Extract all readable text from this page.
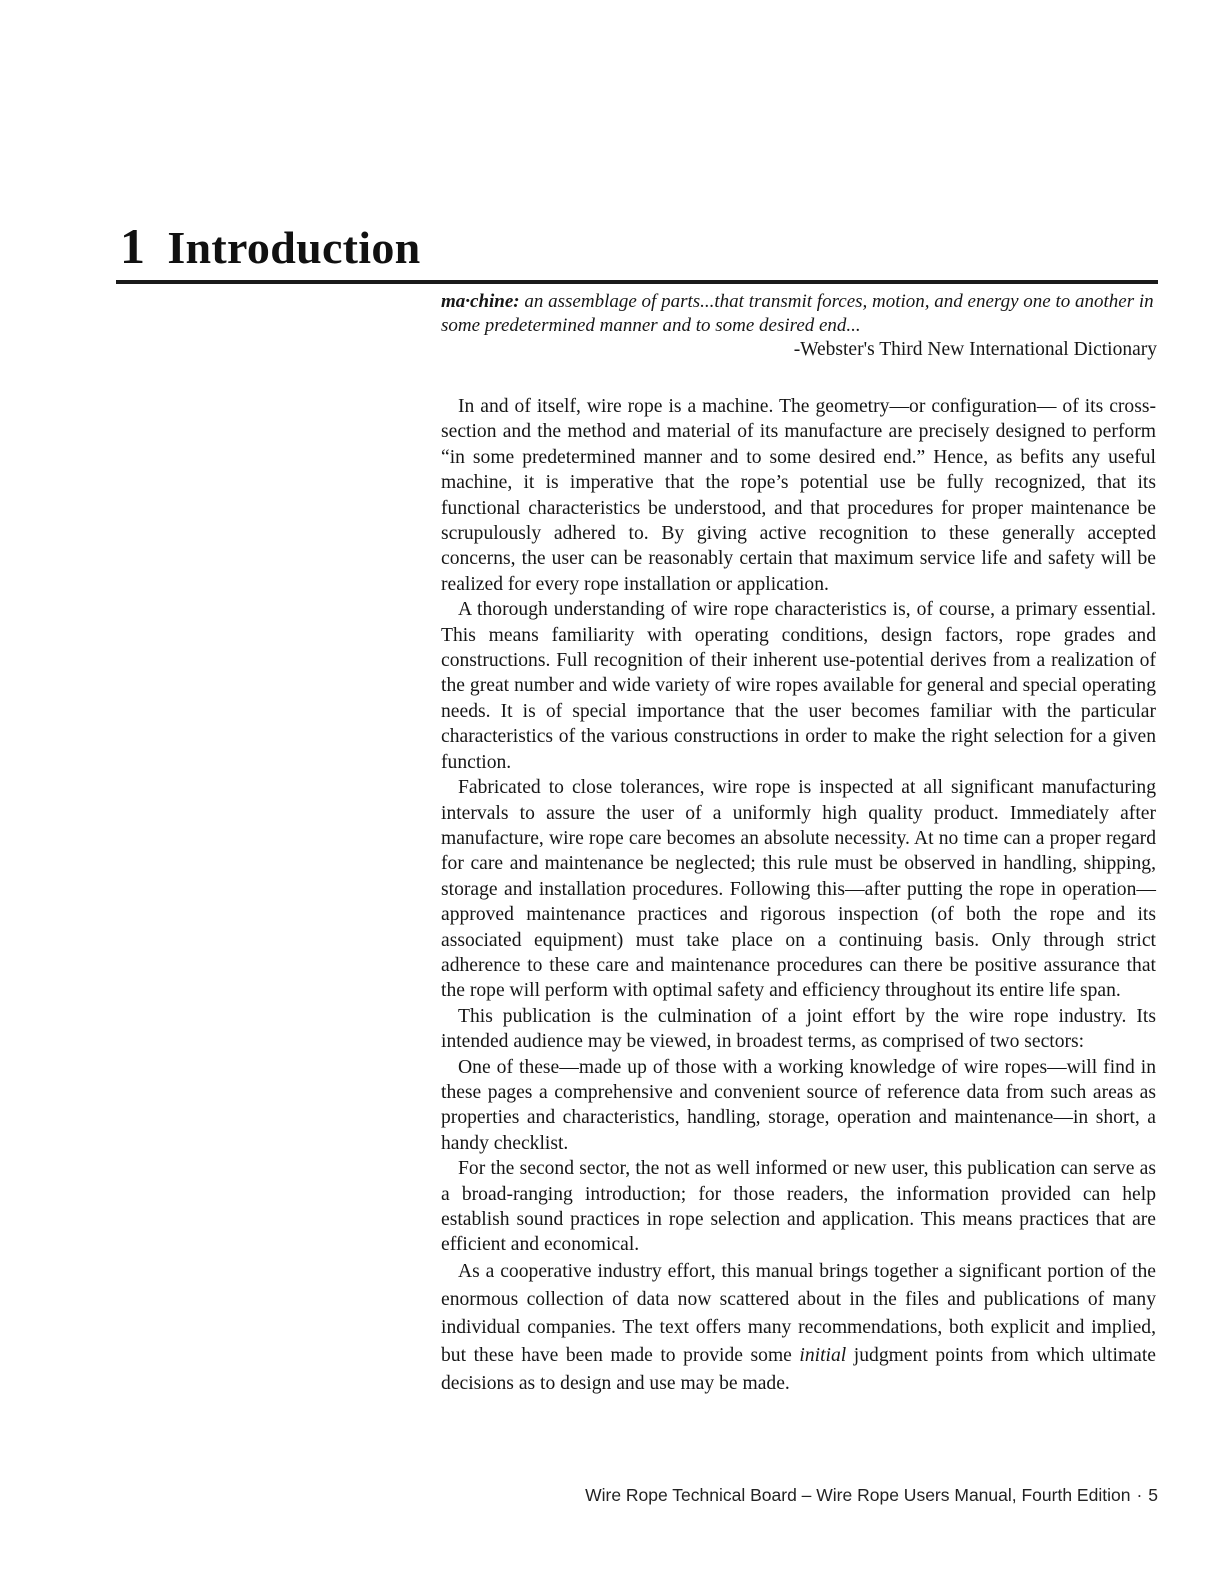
1 Introduction

ma·chine: an assemblage of parts...that transmit forces, motion, and energy one to another in some predetermined manner and to some desired end...

-Webster's Third New International Dictionary

In and of itself, wire rope is a machine. The geometry—or configuration— of its cross-section and the method and material of its manufacture are precisely designed to perform “in some predetermined manner and to some desired end.” Hence, as befits any useful machine, it is imperative that the rope’s potential use be fully recognized, that its functional characteristics be understood, and that procedures for proper maintenance be scrupulously adhered to. By giving active recognition to these generally accepted concerns, the user can be reasonably certain that maximum service life and safety will be realized for every rope installation or application.

A thorough understanding of wire rope characteristics is, of course, a primary essential. This means familiarity with operating conditions, design factors, rope grades and constructions. Full recognition of their inherent use-potential derives from a realization of the great number and wide variety of wire ropes available for general and special operating needs. It is of special importance that the user becomes familiar with the particular characteristics of the various constructions in order to make the right selection for a given function.

Fabricated to close tolerances, wire rope is inspected at all significant manufacturing intervals to assure the user of a uniformly high quality product. Immediately after manufacture, wire rope care becomes an absolute necessity. At no time can a proper regard for care and maintenance be neglected; this rule must be observed in handling, shipping, storage and installation procedures. Following this—after putting the rope in operation—approved maintenance practices and rigorous inspection (of both the rope and its associated equipment) must take place on a continuing basis. Only through strict adherence to these care and maintenance procedures can there be positive assurance that the rope will perform with optimal safety and efficiency throughout its entire life span.

This publication is the culmination of a joint effort by the wire rope industry. Its intended audience may be viewed, in broadest terms, as comprised of two sectors:

One of these—made up of those with a working knowledge of wire ropes—will find in these pages a comprehensive and convenient source of reference data from such areas as properties and characteristics, handling, storage, operation and maintenance—in short, a handy checklist.

For the second sector, the not as well informed or new user, this publication can serve as a broad-ranging introduction; for those readers, the information provided can help establish sound practices in rope selection and application. This means practices that are efficient and economical.

As a cooperative industry effort, this manual brings together a significant portion of the enormous collection of data now scattered about in the files and publications of many individual companies. The text offers many recommendations, both explicit and implied, but these have been made to provide some initial judgment points from which ultimate decisions as to design and use may be made.

Wire Rope Technical Board – Wire Rope Users Manual, Fourth Edition · 5
